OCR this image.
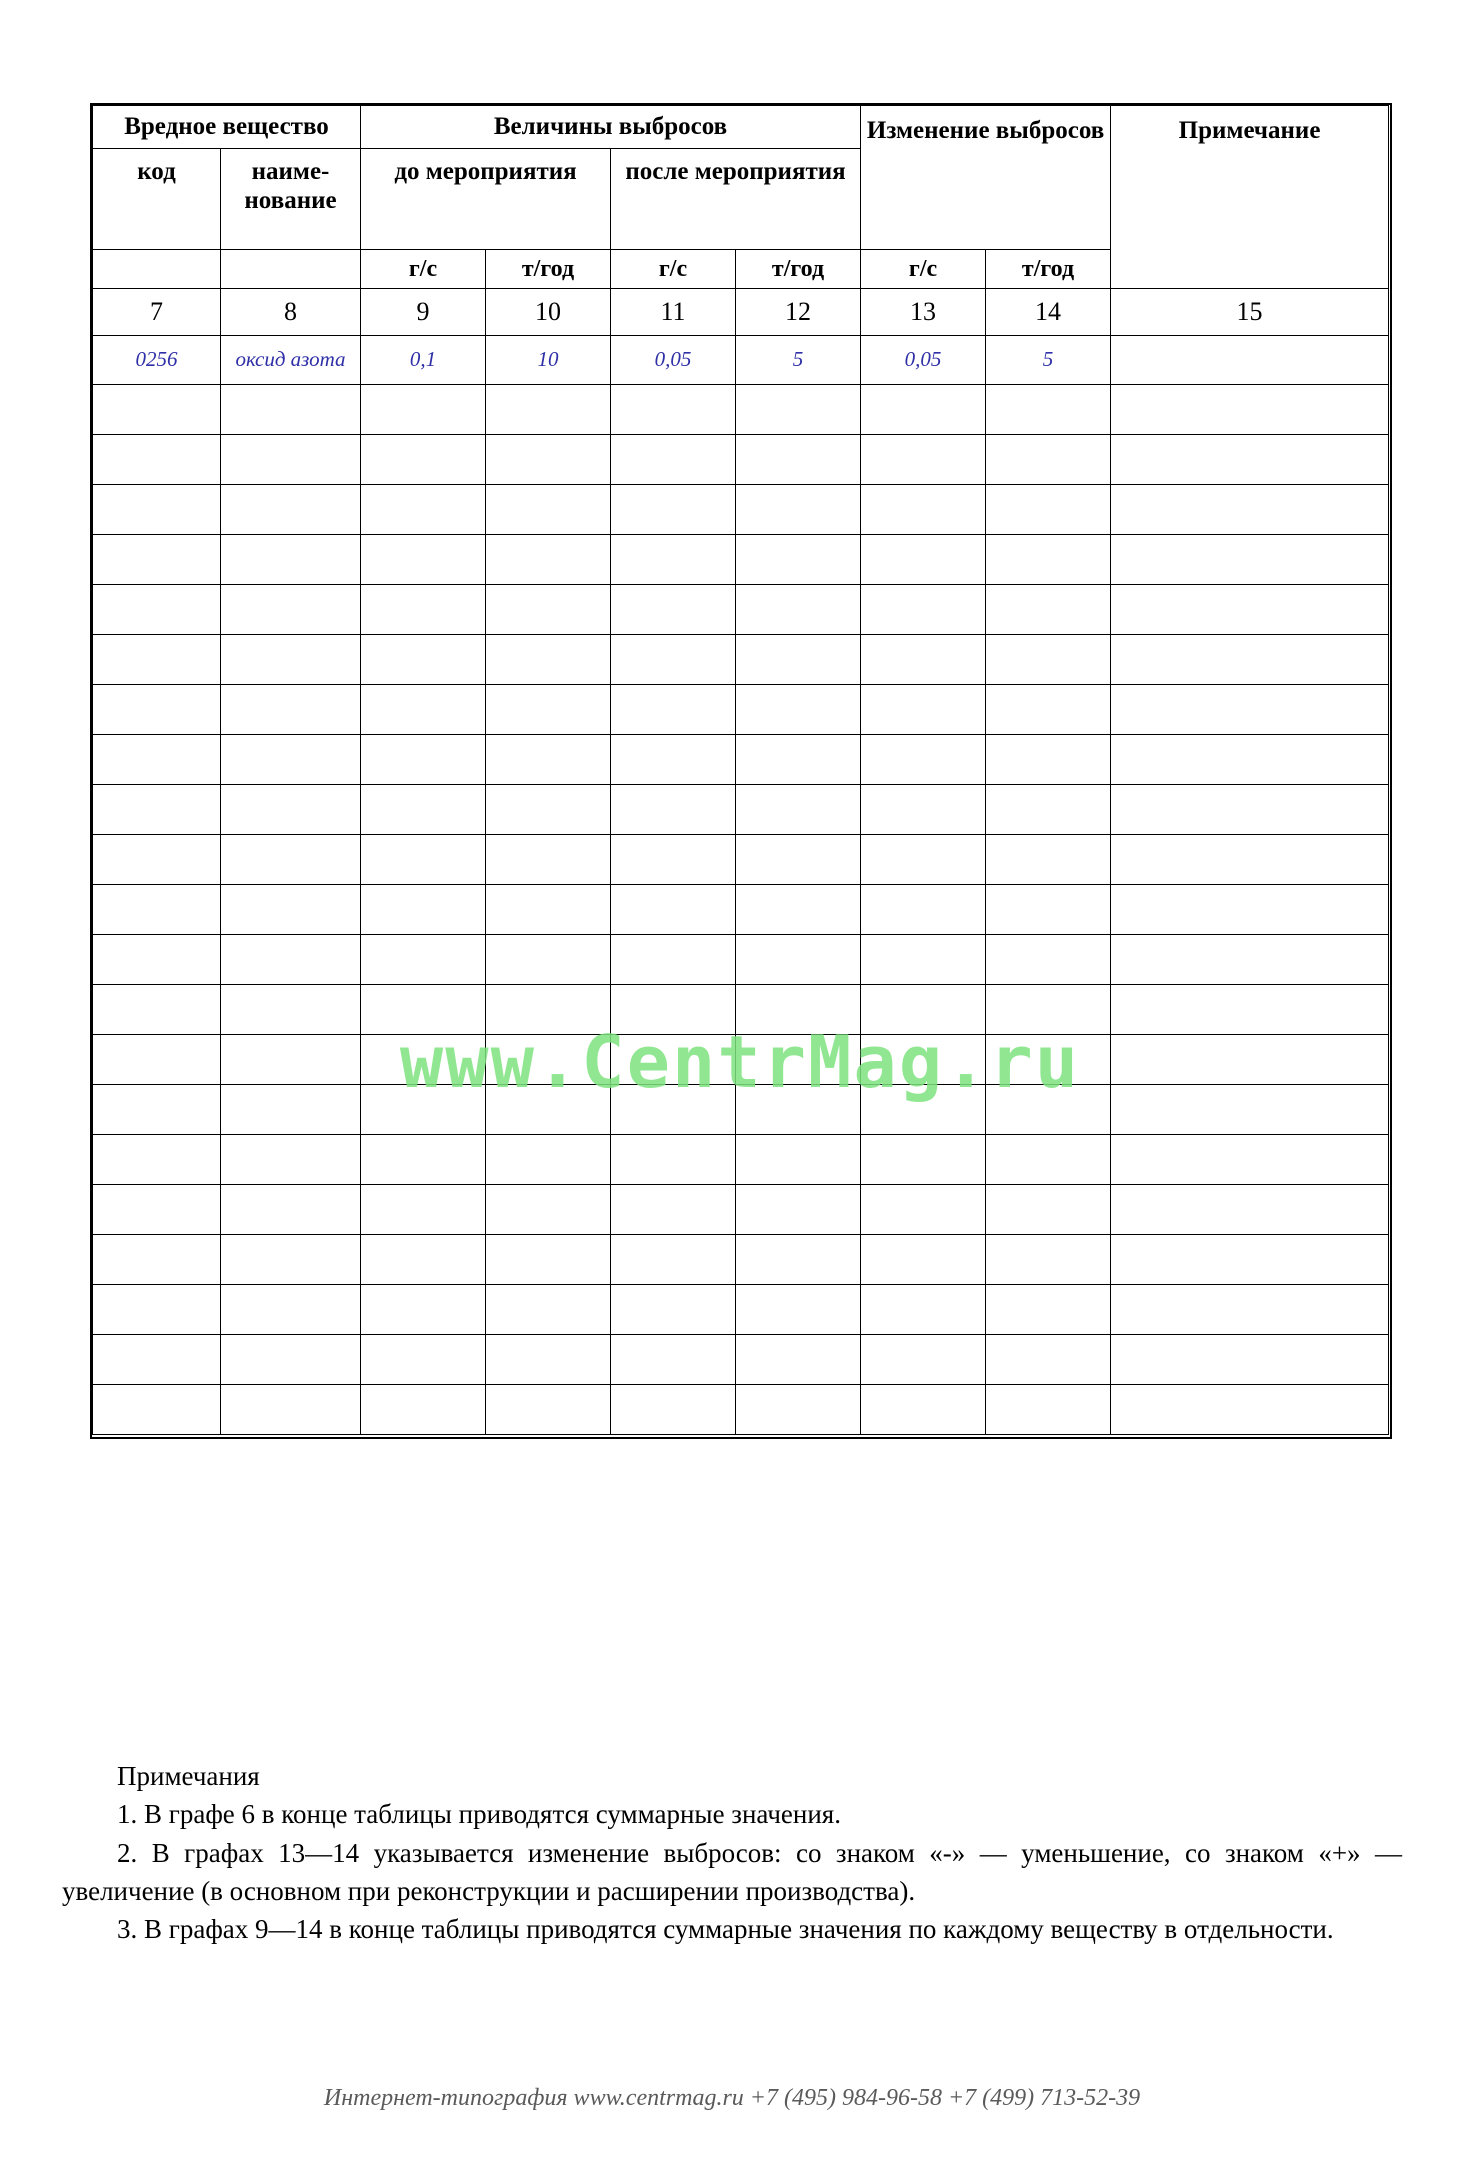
Вредное вещество		Величины выбросов				Изменение выбросов		Примечание
		до мероприятия		после мероприятия				
код	наиме- нование							
		г/с	т/год	г/с	т/год	г/с	т/год	
7	8	9	10	11	12	13	14	15
0256	оксид азота	0,1	10	0,05	5	0,05	5	

www.CentrMag.ru
Примечания

1. В графе 6 в конце таблицы приводятся суммарные значения.

2. В графах 13—14 указывается изменение выбросов: со знаком «-» — уменьшение, со знаком «+» — увеличение (в основном при реконструкции и расширении производства).

3. В графах 9—14 в конце таблицы приводятся суммарные значения по каждому веществу в отдельности.

Интернет-типография www.centrmag.ru +7 (495) 984-96-58 +7 (499) 713-52-39
